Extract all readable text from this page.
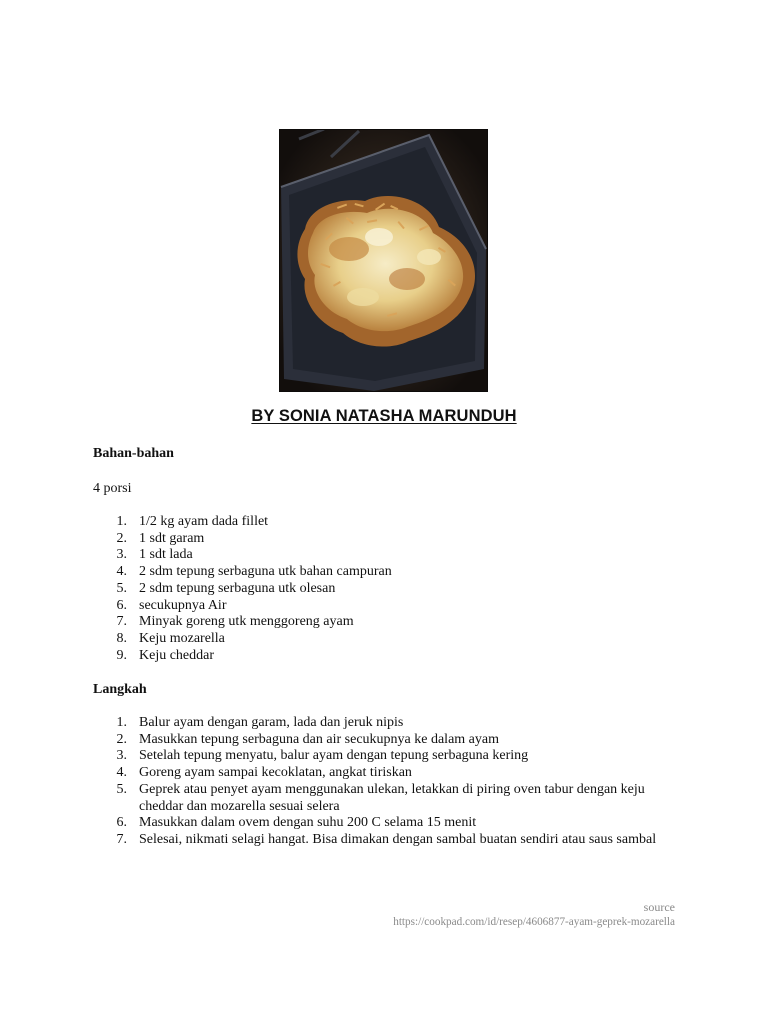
BY SONIA NATASHA MARUNDUH
Bahan-bahan
4 porsi
1. 1/2 kg ayam dada fillet
2. 1 sdt garam
3. 1 sdt lada
4. 2 sdm tepung serbaguna utk bahan campuran
5. 2 sdm tepung serbaguna utk olesan
6. secukupnya Air
7. Minyak goreng utk menggoreng ayam
8. Keju mozarella
9. Keju cheddar
Langkah
1. Balur ayam dengan garam, lada dan jeruk nipis
2. Masukkan tepung serbaguna dan air secukupnya ke dalam ayam
3. Setelah tepung menyatu, balur ayam dengan tepung serbaguna kering
4. Goreng ayam sampai kecoklatan, angkat tiriskan
5. Geprek atau penyet ayam menggunakan ulekan, letakkan di piring oven tabur dengan keju cheddar dan mozarella sesuai selera
6. Masukkan dalam ovem dengan suhu 200 C selama 15 menit
7. Selesai, nikmati selagi hangat. Bisa dimakan dengan sambal buatan sendiri atau saus sambal
source
https://cookpad.com/id/resep/4606877-ayam-geprek-mozarella
